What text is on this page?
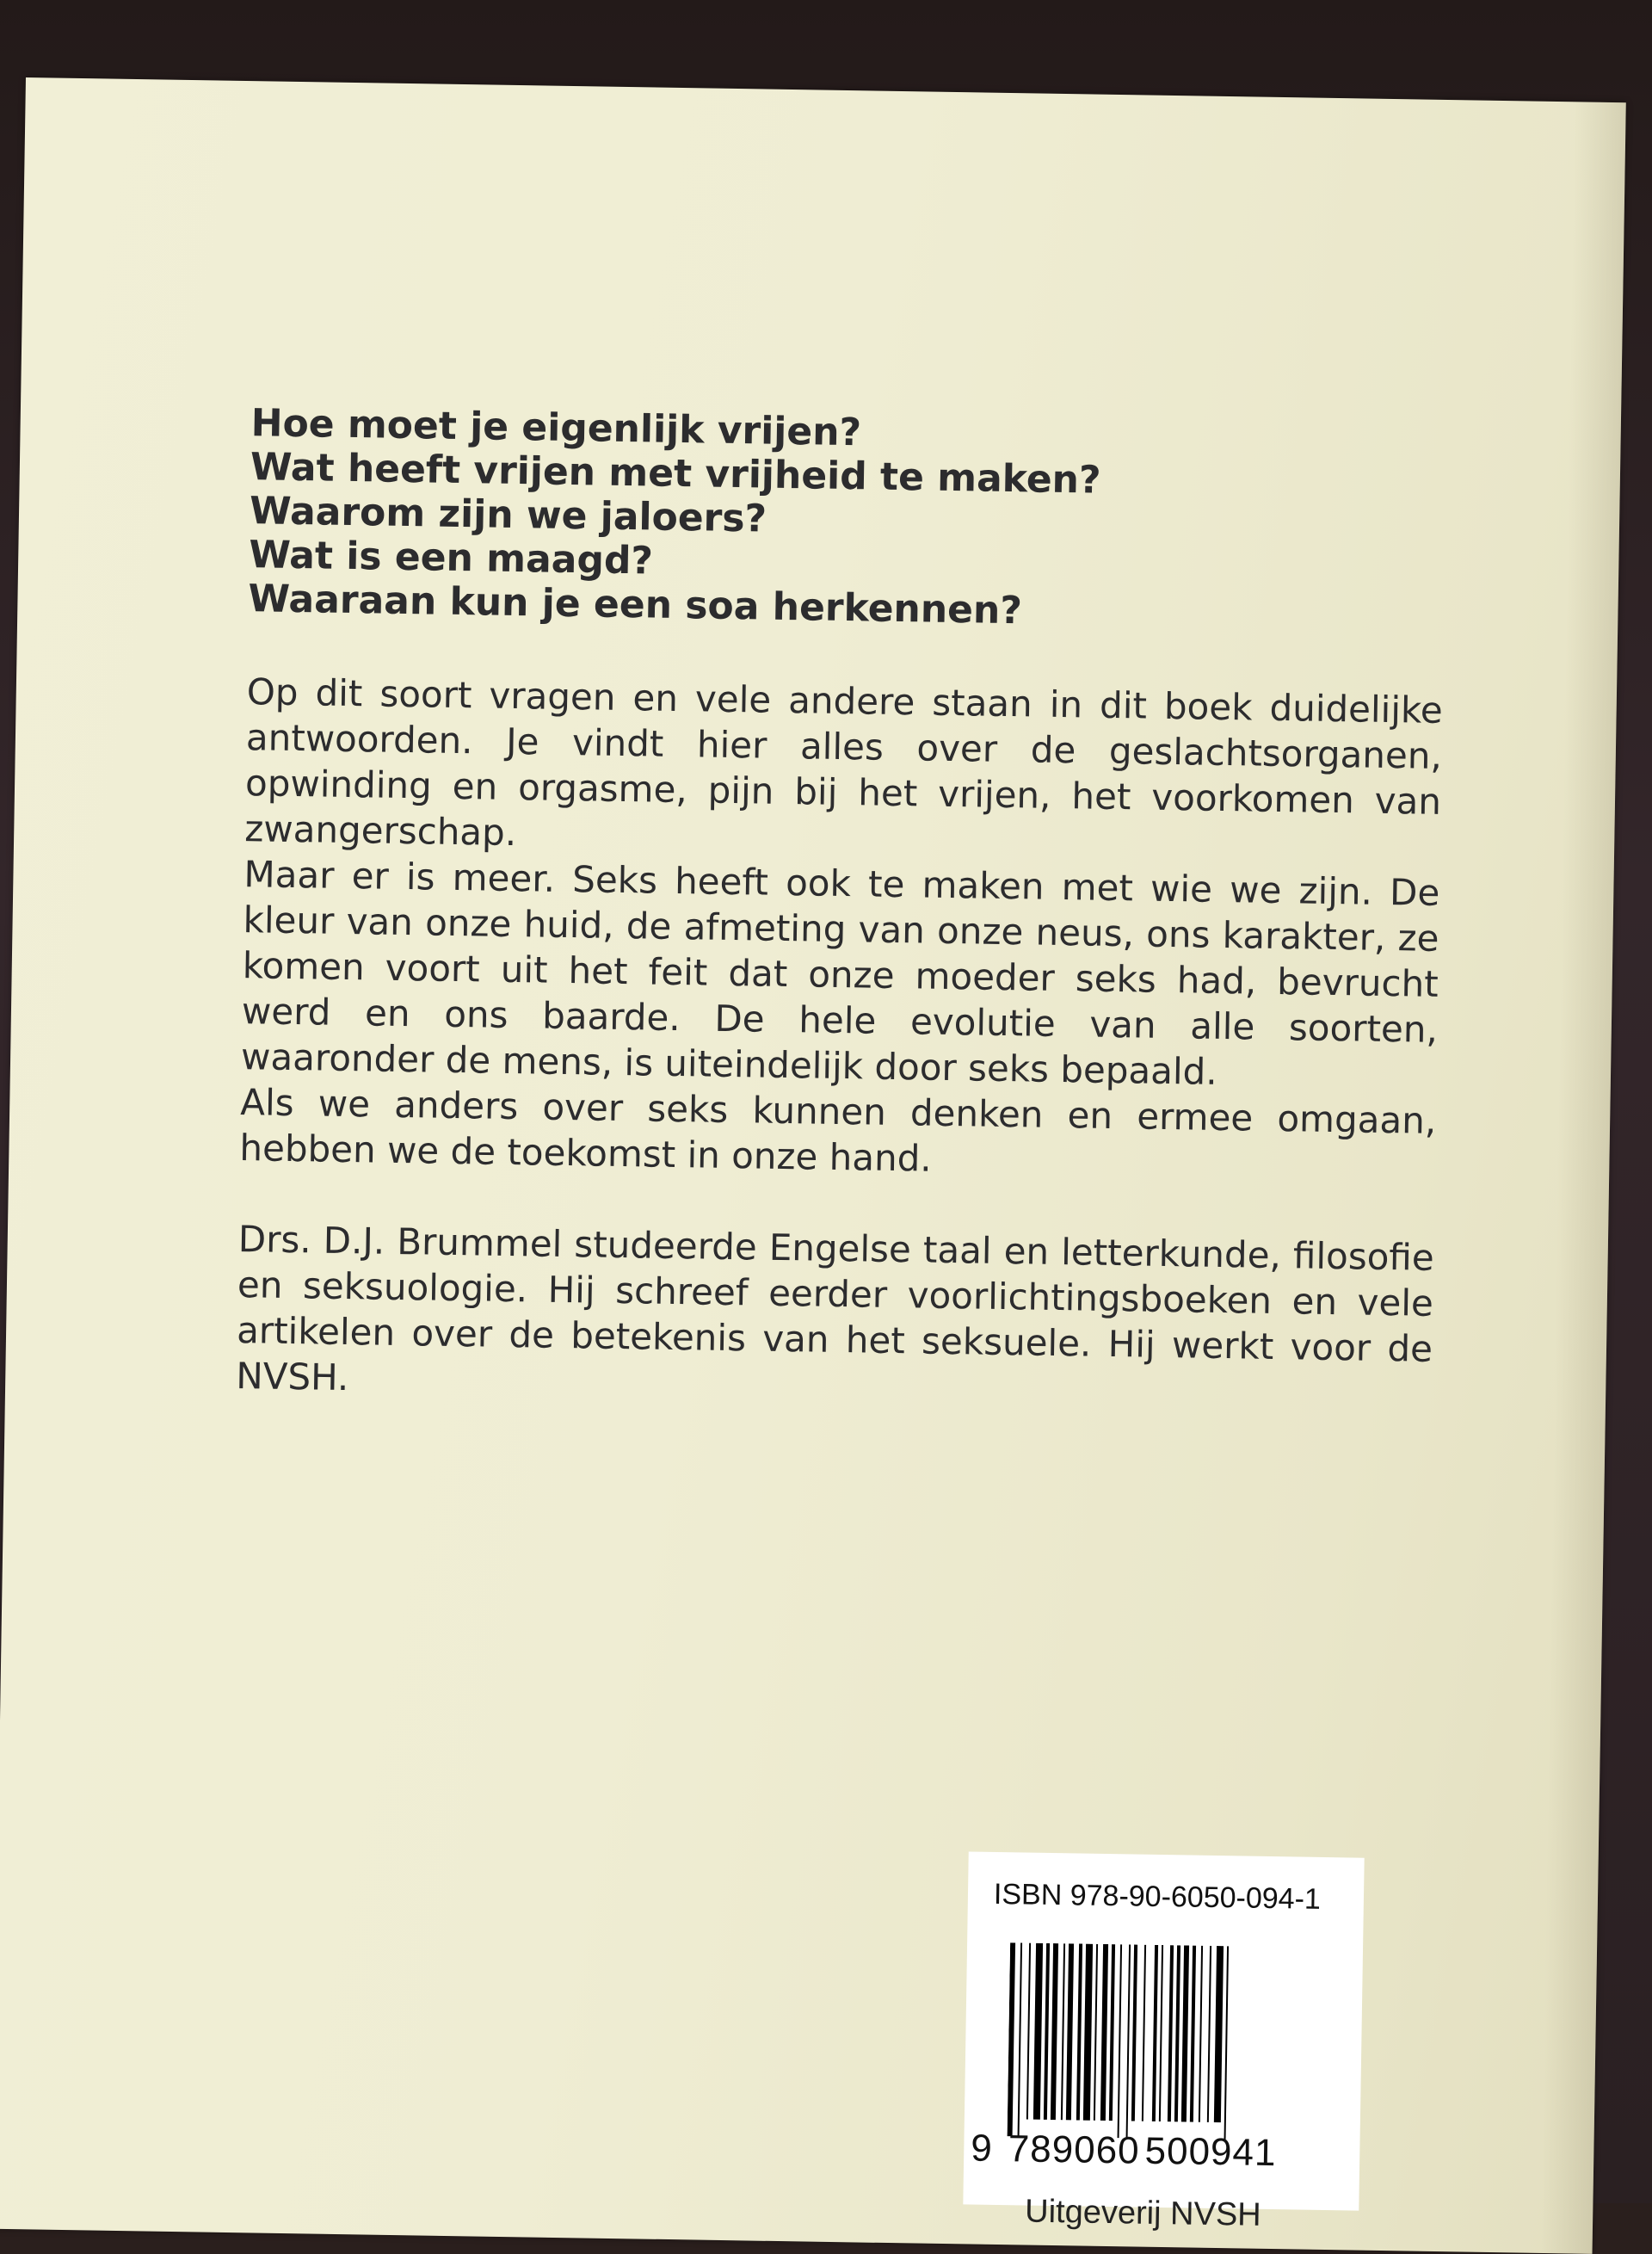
Hoe moet je eigenlijk vrijen?
Wat heeft vrijen met vrijheid te maken?
Waarom zijn we jaloers?
Wat is een maagd?
Waaraan kun je een soa herkennen?
Op dit soort vragen en vele andere staan in dit boek duidelijke antwoorden. Je vindt hier alles over de geslachtsorganen, opwinding en orgasme, pijn bij het vrijen, het voorkomen van zwangerschap.
Maar er is meer. Seks heeft ook te maken met wie we zijn. De kleur van onze huid, de afmeting van onze neus, ons karakter, ze komen voort uit het feit dat onze moeder seks had, bevrucht werd en ons baarde. De hele evolutie van alle soorten, waaronder de mens, is uiteindelijk door seks bepaald.
Als we anders over seks kunnen denken en ermee omgaan, hebben we de toekomst in onze hand.
Drs. D.J. Brummel studeerde Engelse taal en letterkunde, filosofie en seksuologie. Hij schreef eerder voorlichtingsboeken en vele artikelen over de betekenis van het seksuele. Hij werkt voor de NVSH.
ISBN 978-90-6050-094-1
9 789060 500941
Uitgeverij NVSH
